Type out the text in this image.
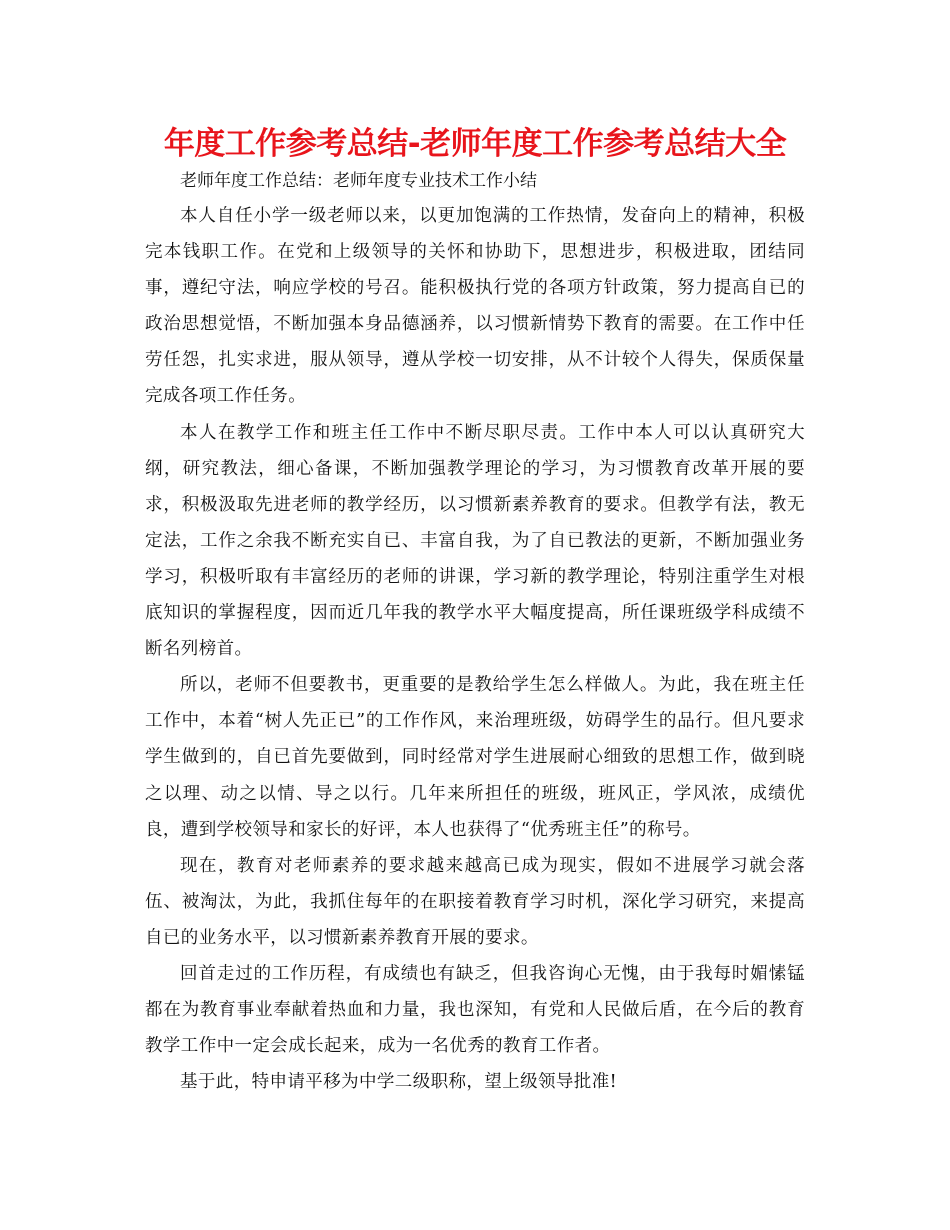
年度工作参考总结-老师年度工作参考总结大全
老师年度工作总结：老师年度专业技术工作小结

本人自任小学一级老师以来，以更加饱满的工作热情，发奋向上的精神，积极完本钱职工作。在党和上级领导的关怀和协助下，思想进步，积极进取，团结同事，遵纪守法，响应学校的号召。能积极执行党的各项方针政策，努力提高自已的政治思想觉悟，不断加强本身品德涵养，以习惯新情势下教育的需要。在工作中任劳任怨，扎实求进，服从领导，遵从学校一切安排，从不计较个人得失，保质保量完成各项工作任务。

本人在教学工作和班主任工作中不断尽职尽责。工作中本人可以认真研究大纲，研究教法，细心备课，不断加强教学理论的学习，为习惯教育改革开展的要求，积极汲取先进老师的教学经历，以习惯新素养教育的要求。但教学有法，教无定法，工作之余我不断充实自已、丰富自我，为了自已教法的更新，不断加强业务学习，积极听取有丰富经历的老师的讲课，学习新的教学理论，特别注重学生对根底知识的掌握程度，因而近几年我的教学水平大幅度提高，所任课班级学科成绩不断名列榜首。

所以，老师不但要教书，更重要的是教给学生怎么样做人。为此，我在班主任工作中，本着“树人先正已”的工作作风，来治理班级，妨碍学生的品行。但凡要求学生做到的，自已首先要做到，同时经常对学生进展耐心细致的思想工作，做到晓之以理、动之以情、导之以行。几年来所担任的班级，班风正，学风浓，成绩优良，遭到学校领导和家长的好评，本人也获得了“优秀班主任”的称号。

现在，教育对老师素养的要求越来越高已成为现实，假如不进展学习就会落伍、被淘汰，为此，我抓住每年的在职接着教育学习时机，深化学习研究，来提高自已的业务水平，以习惯新素养教育开展的要求。

回首走过的工作历程，有成绩也有缺乏，但我咨询心无愧，由于我每时媚愫锰都在为教育事业奉献着热血和力量，我也深知，有党和人民做后盾，在今后的教育教学工作中一定会成长起来，成为一名优秀的教育工作者。

基于此，特申请平移为中学二级职称，望上级领导批准!
